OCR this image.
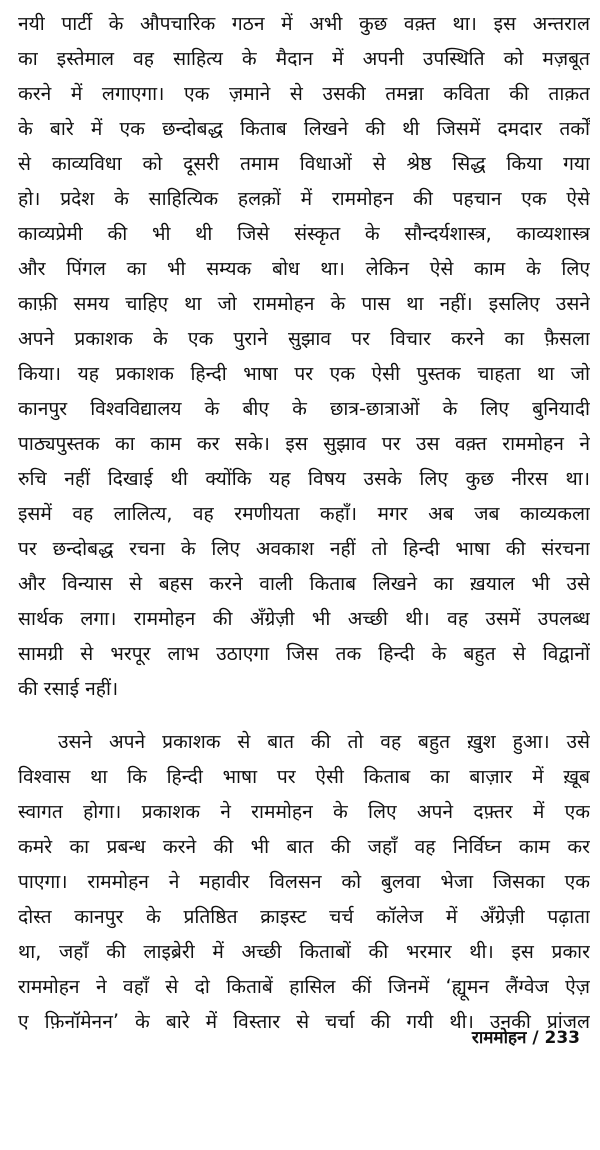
नयी पार्टी के औपचारिक गठन में अभी कुछ वक़्त था। इस अन्तराल
का इस्तेमाल वह साहित्य के मैदान में अपनी उपस्थिति को मज़बूत
करने में लगाएगा। एक ज़माने से उसकी तमन्ना कविता की ताक़त
के बारे में एक छन्दोबद्ध किताब लिखने की थी जिसमें दमदार तर्कों
से काव्यविधा को दूसरी तमाम विधाओं से श्रेष्ठ सिद्ध किया गया
हो। प्रदेश के साहित्यिक हलक़ों में राममोहन की पहचान एक ऐसे
काव्यप्रेमी की भी थी जिसे संस्कृत के सौन्दर्यशास्त्र, काव्यशास्त्र
और पिंगल का भी सम्यक बोध था। लेकिन ऐसे काम के लिए
काफ़ी समय चाहिए था जो राममोहन के पास था नहीं। इसलिए उसने
अपने प्रकाशक के एक पुराने सुझाव पर विचार करने का फ़ैसला
किया। यह प्रकाशक हिन्दी भाषा पर एक ऐसी पुस्तक चाहता था जो
कानपुर विश्वविद्यालय के बीए के छात्र-छात्राओं के लिए बुनियादी
पाठ्यपुस्तक का काम कर सके। इस सुझाव पर उस वक़्त राममोहन ने
रुचि नहीं दिखाई थी क्योंकि यह विषय उसके लिए कुछ नीरस था।
इसमें वह लालित्य, वह रमणीयता कहाँ। मगर अब जब काव्यकला
पर छन्दोबद्ध रचना के लिए अवकाश नहीं तो हिन्दी भाषा की संरचना
और विन्यास से बहस करने वाली किताब लिखने का ख़याल भी उसे
सार्थक लगा। राममोहन की अँग्रेज़ी भी अच्छी थी। वह उसमें उपलब्ध
सामग्री से भरपूर लाभ उठाएगा जिस तक हिन्दी के बहुत से विद्वानों
की रसाई नहीं।
उसने अपने प्रकाशक से बात की तो वह बहुत ख़ुश हुआ। उसे
विश्वास था कि हिन्दी भाषा पर ऐसी किताब का बाज़ार में ख़ूब
स्वागत होगा। प्रकाशक ने राममोहन के लिए अपने दफ़्तर में एक
कमरे का प्रबन्ध करने की भी बात की जहाँ वह निर्विघ्न काम कर
पाएगा। राममोहन ने महावीर विलसन को बुलवा भेजा जिसका एक
दोस्त कानपुर के प्रतिष्ठित क्राइस्ट चर्च कॉलेज में अँग्रेज़ी पढ़ाता
था, जहाँ की लाइब्रेरी में अच्छी किताबों की भरमार थी। इस प्रकार
राममोहन ने वहाँ से दो किताबें हासिल कीं जिनमें ‘ह्यूमन लैंग्वेज ऐज़
ए फ़िनॉमेनन’ के बारे में विस्तार से चर्चा की गयी थी। उनकी प्रांजल
राममोहन / 233
